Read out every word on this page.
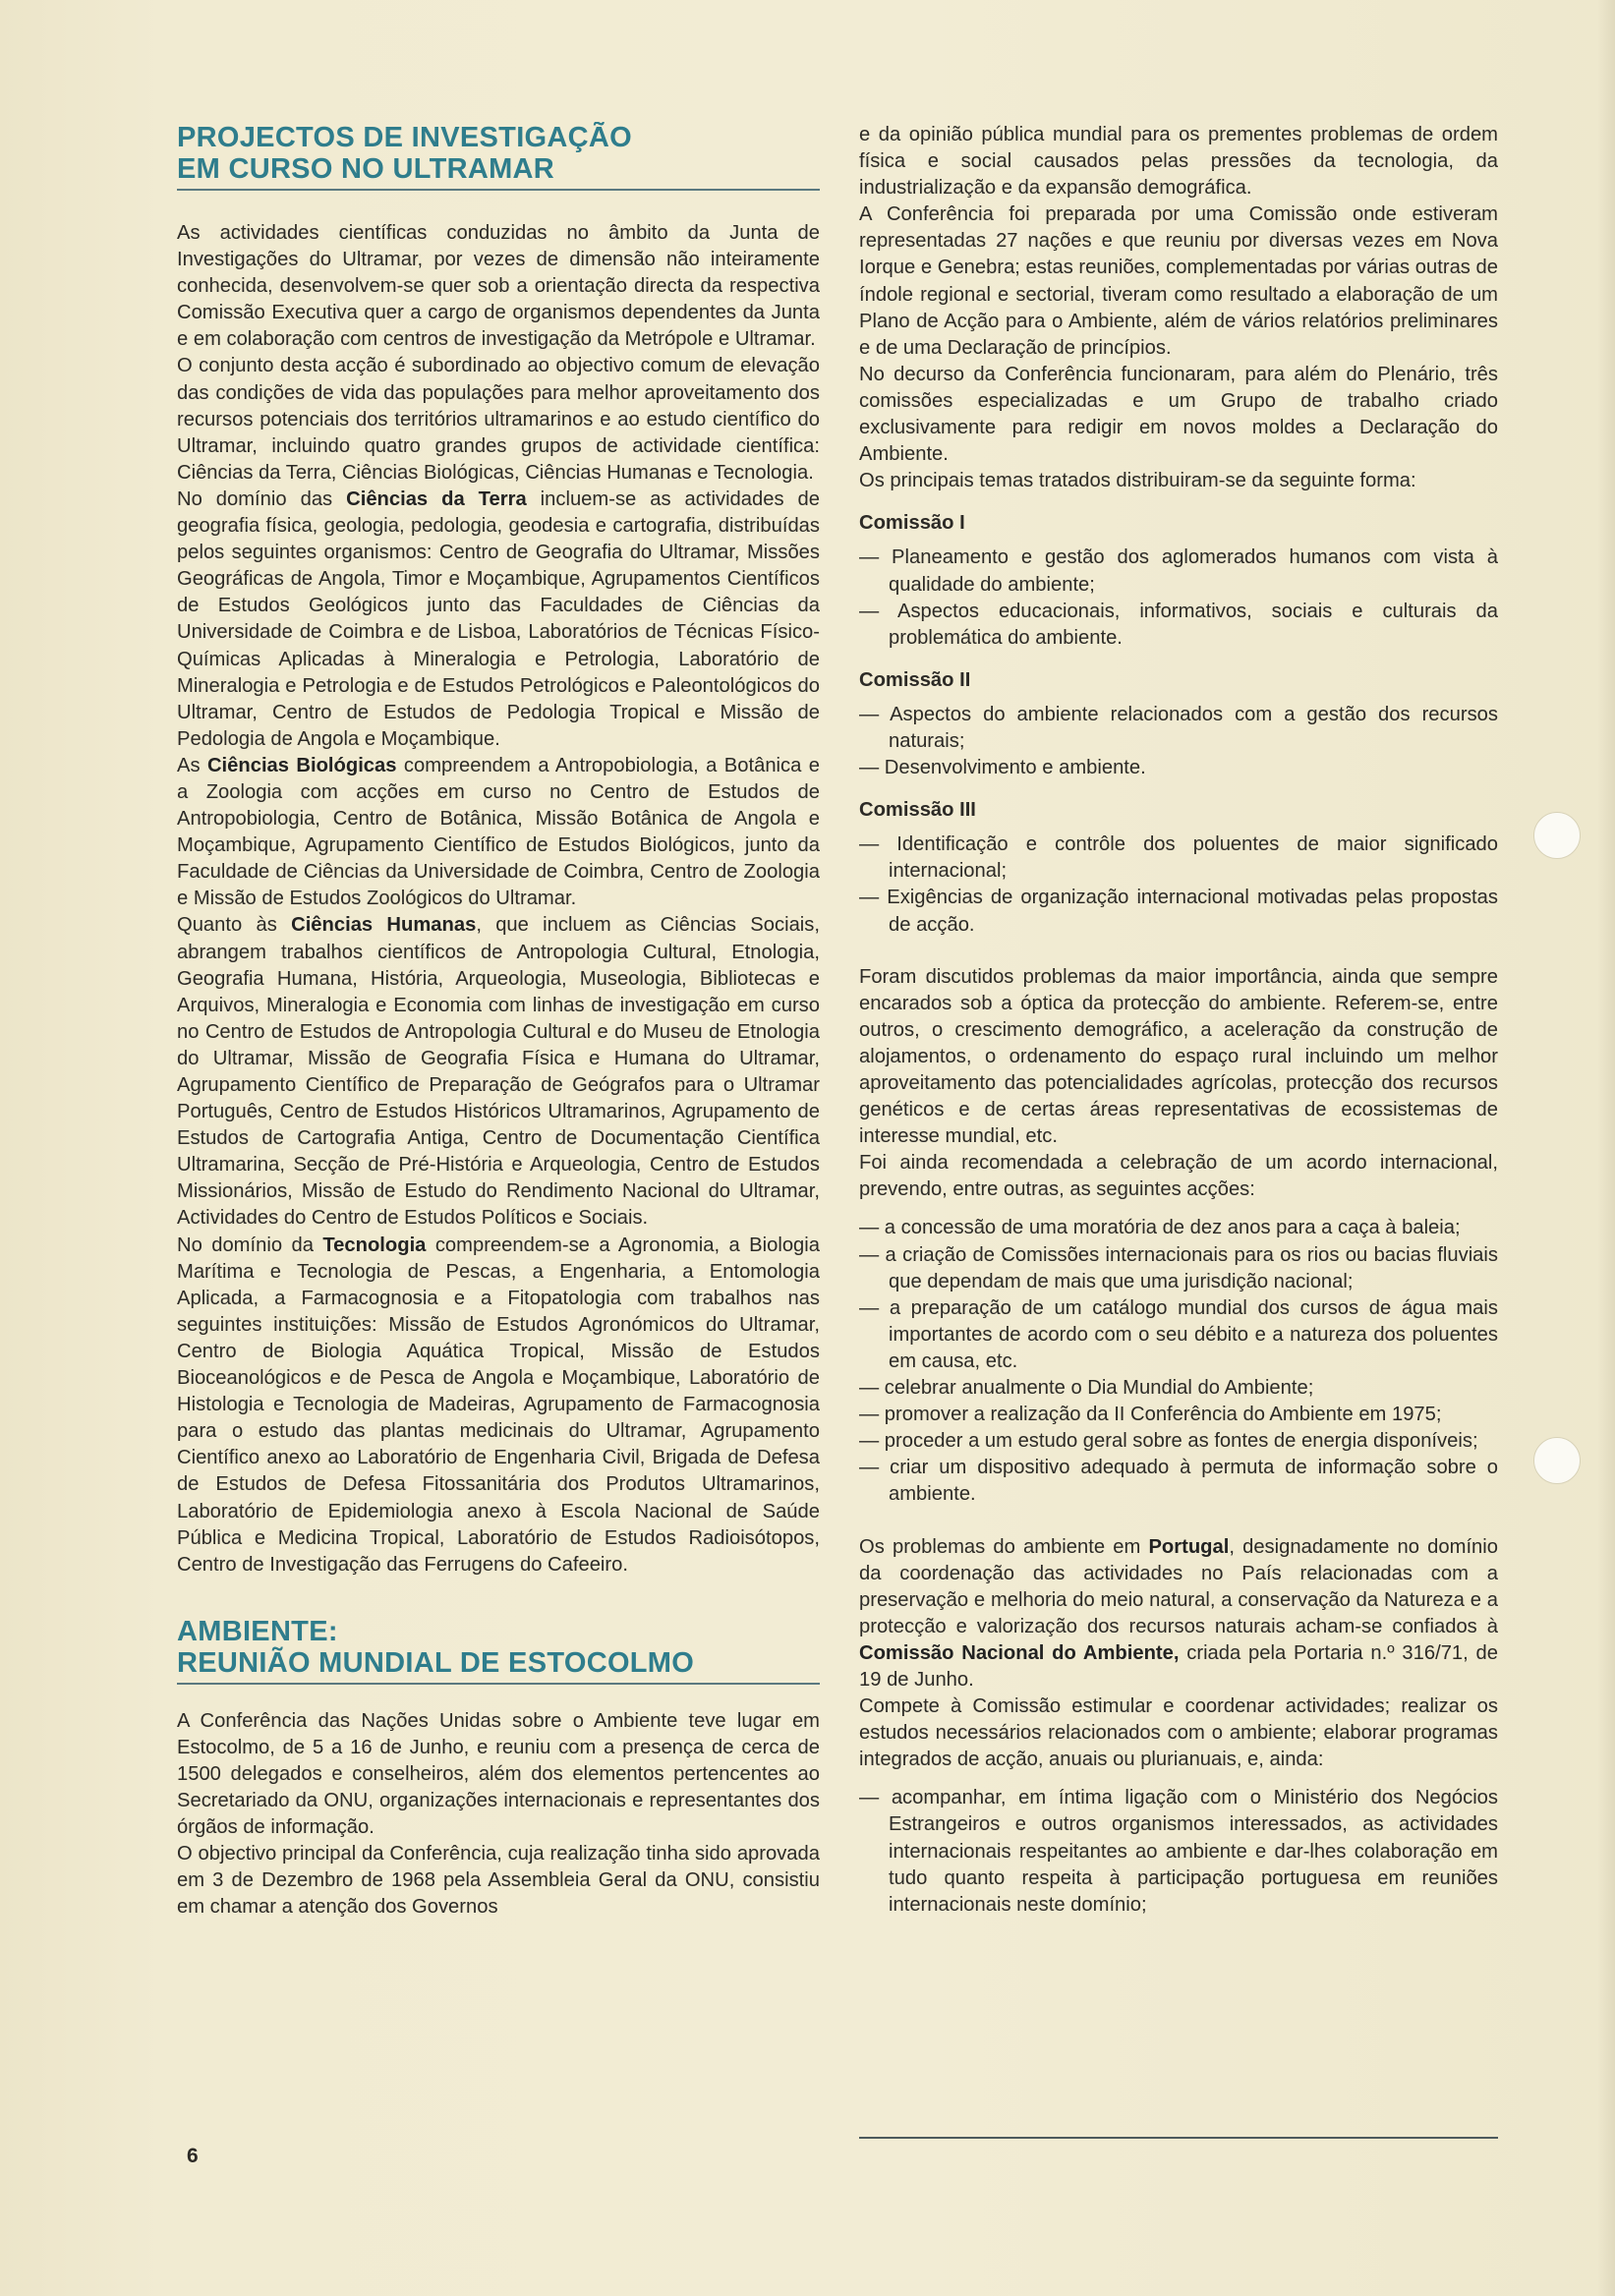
PROJECTOS DE INVESTIGAÇÃO
EM CURSO NO ULTRAMAR

As actividades científicas conduzidas no âmbito da Junta de Investigações do Ultramar, por vezes de dimensão não inteiramente conhecida, desenvolvem-se quer sob a orientação directa da respectiva Comissão Executiva quer a cargo de organismos dependentes da Junta e em colaboração com centros de investigação da Metrópole e Ultramar.

O conjunto desta acção é subordinado ao objectivo comum de elevação das condições de vida das populações para melhor aproveitamento dos recursos potenciais dos territórios ultramarinos e ao estudo científico do Ultramar, incluindo quatro grandes grupos de actividade científica: Ciências da Terra, Ciências Biológicas, Ciências Humanas e Tecnologia.

No domínio das Ciências da Terra incluem-se as actividades de geografia física, geologia, pedologia, geodesia e cartografia, distribuídas pelos seguintes organismos: Centro de Geografia do Ultramar, Missões Geográficas de Angola, Timor e Moçambique, Agrupamentos Científicos de Estudos Geológicos junto das Faculdades de Ciências da Universidade de Coimbra e de Lisboa, Laboratórios de Técnicas Físico-Químicas Aplicadas à Mineralogia e Petrologia, Laboratório de Mineralogia e Petrologia e de Estudos Petrológicos e Paleontológicos do Ultramar, Centro de Estudos de Pedologia Tropical e Missão de Pedologia de Angola e Moçambique.

As Ciências Biológicas compreendem a Antropobiologia, a Botânica e a Zoologia com acções em curso no Centro de Estudos de Antropobiologia, Centro de Botânica, Missão Botânica de Angola e Moçambique, Agrupamento Científico de Estudos Biológicos, junto da Faculdade de Ciências da Universidade de Coimbra, Centro de Zoologia e Missão de Estudos Zoológicos do Ultramar.

Quanto às Ciências Humanas, que incluem as Ciências Sociais, abrangem trabalhos científicos de Antropologia Cultural, Etnologia, Geografia Humana, História, Arqueologia, Museologia, Bibliotecas e Arquivos, Mineralogia e Economia com linhas de investigação em curso no Centro de Estudos de Antropologia Cultural e do Museu de Etnologia do Ultramar, Missão de Geografia Física e Humana do Ultramar, Agrupamento Científico de Preparação de Geógrafos para o Ultramar Português, Centro de Estudos Históricos Ultramarinos, Agrupamento de Estudos de Cartografia Antiga, Centro de Documentação Científica Ultramarina, Secção de Pré-História e Arqueologia, Centro de Estudos Missionários, Missão de Estudo do Rendimento Nacional do Ultramar, Actividades do Centro de Estudos Políticos e Sociais.

No domínio da Tecnologia compreendem-se a Agronomia, a Biologia Marítima e Tecnologia de Pescas, a Engenharia, a Entomologia Aplicada, a Farmacognosia e a Fitopatologia com trabalhos nas seguintes instituições: Missão de Estudos Agronómicos do Ultramar, Centro de Biologia Aquática Tropical, Missão de Estudos Bioceanológicos e de Pesca de Angola e Moçambique, Laboratório de Histologia e Tecnologia de Madeiras, Agrupamento de Farmacognosia para o estudo das plantas medicinais do Ultramar, Agrupamento Científico anexo ao Laboratório de Engenharia Civil, Brigada de Defesa de Estudos de Defesa Fitossanitária dos Produtos Ultramarinos, Laboratório de Epidemiologia anexo à Escola Nacional de Saúde Pública e Medicina Tropical, Laboratório de Estudos Radioisótopos, Centro de Investigação das Ferrugens do Cafeeiro.

AMBIENTE:
REUNIÃO MUNDIAL DE ESTOCOLMO

A Conferência das Nações Unidas sobre o Ambiente teve lugar em Estocolmo, de 5 a 16 de Junho, e reuniu com a presença de cerca de 1500 delegados e conselheiros, além dos elementos pertencentes ao Secretariado da ONU, organizações internacionais e representantes dos órgãos de informação.

O objectivo principal da Conferência, cuja realização tinha sido aprovada em 3 de Dezembro de 1968 pela Assembleia Geral da ONU, consistiu em chamar a atenção dos Governos

e da opinião pública mundial para os prementes problemas de ordem física e social causados pelas pressões da tecnologia, da industrialização e da expansão demográfica.

A Conferência foi preparada por uma Comissão onde estiveram representadas 27 nações e que reuniu por diversas vezes em Nova Iorque e Genebra; estas reuniões, complementadas por várias outras de índole regional e sectorial, tiveram como resultado a elaboração de um Plano de Acção para o Ambiente, além de vários relatórios preliminares e de uma Declaração de princípios.

No decurso da Conferência funcionaram, para além do Plenário, três comissões especializadas e um Grupo de trabalho criado exclusivamente para redigir em novos moldes a Declaração do Ambiente.

Os principais temas tratados distribuiram-se da seguinte forma:

Comissão I

— Planeamento e gestão dos aglomerados humanos com vista à qualidade do ambiente;

— Aspectos educacionais, informativos, sociais e culturais da problemática do ambiente.

Comissão II

— Aspectos do ambiente relacionados com a gestão dos recursos naturais;

— Desenvolvimento e ambiente.

Comissão III

— Identificação e contrôle dos poluentes de maior significado internacional;

— Exigências de organização internacional motivadas pelas propostas de acção.

Foram discutidos problemas da maior importância, ainda que sempre encarados sob a óptica da protecção do ambiente. Referem-se, entre outros, o crescimento demográfico, a aceleração da construção de alojamentos, o ordenamento do espaço rural incluindo um melhor aproveitamento das potencialidades agrícolas, protecção dos recursos genéticos e de certas áreas representativas de ecossistemas de interesse mundial, etc.

Foi ainda recomendada a celebração de um acordo internacional, prevendo, entre outras, as seguintes acções:

— a concessão de uma moratória de dez anos para a caça à baleia;

— a criação de Comissões internacionais para os rios ou bacias fluviais que dependam de mais que uma jurisdição nacional;

— a preparação de um catálogo mundial dos cursos de água mais importantes de acordo com o seu débito e a natureza dos poluentes em causa, etc.

— celebrar anualmente o Dia Mundial do Ambiente;

— promover a realização da II Conferência do Ambiente em 1975;

— proceder a um estudo geral sobre as fontes de energia disponíveis;

— criar um dispositivo adequado à permuta de informação sobre o ambiente.

Os problemas do ambiente em Portugal, designadamente no domínio da coordenação das actividades no País relacionadas com a preservação e melhoria do meio natural, a conservação da Natureza e a protecção e valorização dos recursos naturais acham-se confiados à Comissão Nacional do Ambiente, criada pela Portaria n.º 316/71, de 19 de Junho.

Compete à Comissão estimular e coordenar actividades; realizar os estudos necessários relacionados com o ambiente; elaborar programas integrados de acção, anuais ou plurianuais, e, ainda:

— acompanhar, em íntima ligação com o Ministério dos Negócios Estrangeiros e outros organismos interessados, as actividades internacionais respeitantes ao ambiente e dar-lhes colaboração em tudo quanto respeita à participação portuguesa em reuniões internacionais neste domínio;

6
